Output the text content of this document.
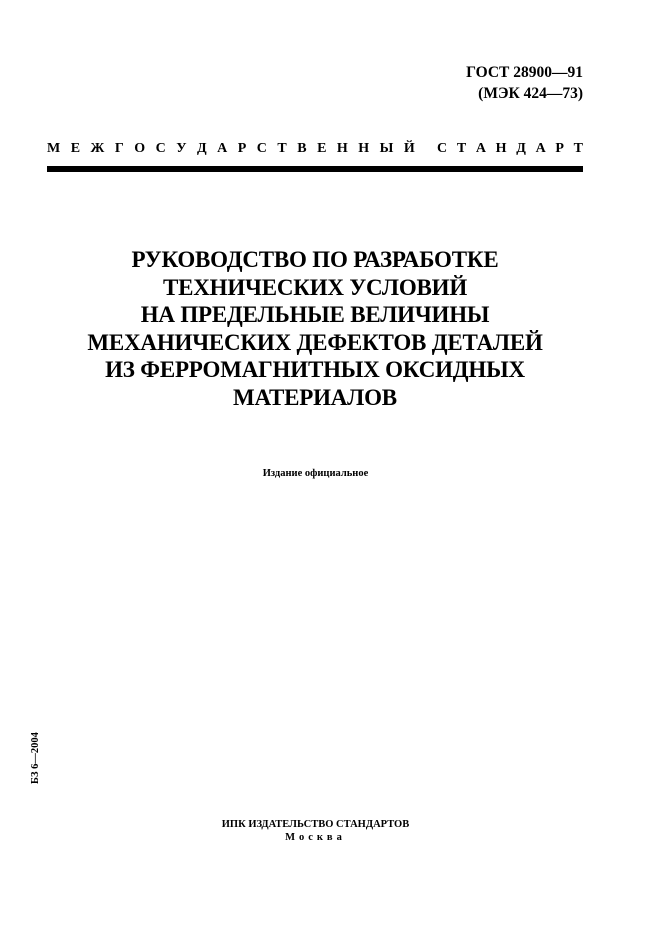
ГОСТ 28900—91
(МЭК 424—73)
М Е Ж Г О С У Д А Р С Т В Е Н Н Ы Й С Т А Н Д А Р Т
РУКОВОДСТВО ПО РАЗРАБОТКЕ
ТЕХНИЧЕСКИХ УСЛОВИЙ
НА ПРЕДЕЛЬНЫЕ ВЕЛИЧИНЫ
МЕХАНИЧЕСКИХ ДЕФЕКТОВ ДЕТАЛЕЙ
ИЗ ФЕРРОМАГНИТНЫХ ОКСИДНЫХ
МАТЕРИАЛОВ
Издание официальное
БЗ 6—2004
ИПК ИЗДАТЕЛЬСТВО СТАНДАРТОВ
Москва
